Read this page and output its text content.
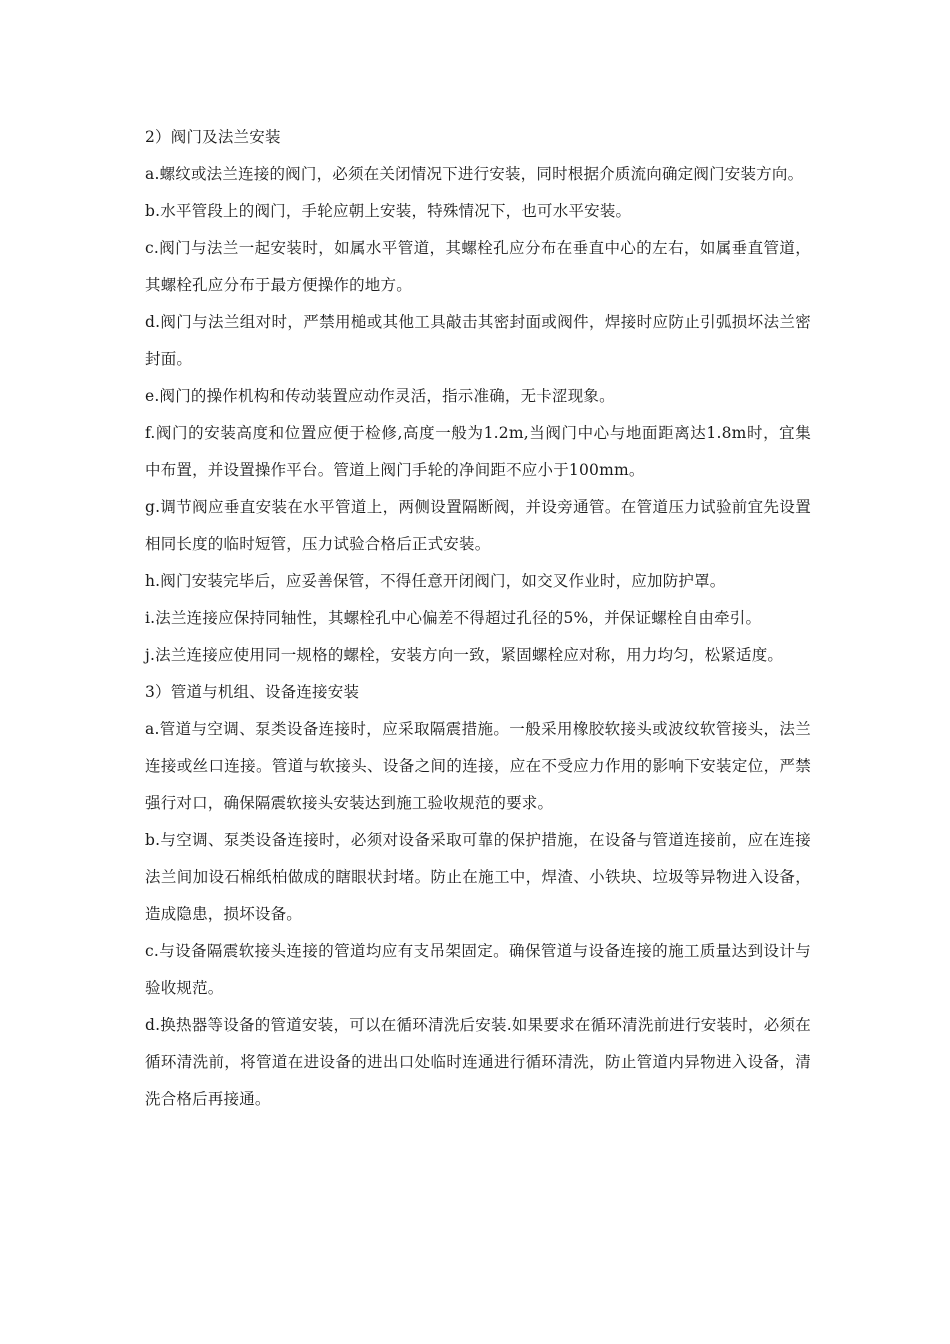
2）阀门及法兰安装

a.螺纹或法兰连接的阀门，必须在关闭情况下进行安装，同时根据介质流向确定阀门安装方向。

b.水平管段上的阀门，手轮应朝上安装，特殊情况下，也可水平安装。

c.阀门与法兰一起安装时，如属水平管道，其螺栓孔应分布在垂直中心的左右，如属垂直管道，其螺栓孔应分布于最方便操作的地方。

d.阀门与法兰组对时，严禁用槌或其他工具敲击其密封面或阀件，焊接时应防止引弧损坏法兰密封面。

e.阀门的操作机构和传动装置应动作灵活，指示准确，无卡涩现象。

f.阀门的安装高度和位置应便于检修,高度一般为1.2m,当阀门中心与地面距离达1.8m时，宜集中布置，并设置操作平台。管道上阀门手轮的净间距不应小于100mm。

g.调节阀应垂直安装在水平管道上，两侧设置隔断阀，并设旁通管。在管道压力试验前宜先设置相同长度的临时短管，压力试验合格后正式安装。

h.阀门安装完毕后，应妥善保管，不得任意开闭阀门，如交叉作业时，应加防护罩。

i.法兰连接应保持同轴性，其螺栓孔中心偏差不得超过孔径的5%，并保证螺栓自由牵引。

j.法兰连接应使用同一规格的螺栓，安装方向一致，紧固螺栓应对称，用力均匀，松紧适度。

3）管道与机组、设备连接安装

a.管道与空调、泵类设备连接时，应采取隔震措施。一般采用橡胶软接头或波纹软管接头，法兰连接或丝口连接。管道与软接头、设备之间的连接，应在不受应力作用的影响下安装定位，严禁强行对口，确保隔震软接头安装达到施工验收规范的要求。

b.与空调、泵类设备连接时，必须对设备采取可靠的保护措施，在设备与管道连接前，应在连接法兰间加设石棉纸柏做成的瞎眼状封堵。防止在施工中，焊渣、小铁块、垃圾等异物进入设备，造成隐患，损坏设备。

c.与设备隔震软接头连接的管道均应有支吊架固定。确保管道与设备连接的施工质量达到设计与验收规范。

d.换热器等设备的管道安装，可以在循环清洗后安装.如果要求在循环清洗前进行安装时，必须在循环清洗前，将管道在进设备的进出口处临时连通进行循环清洗，防止管道内异物进入设备，清洗合格后再接通。
